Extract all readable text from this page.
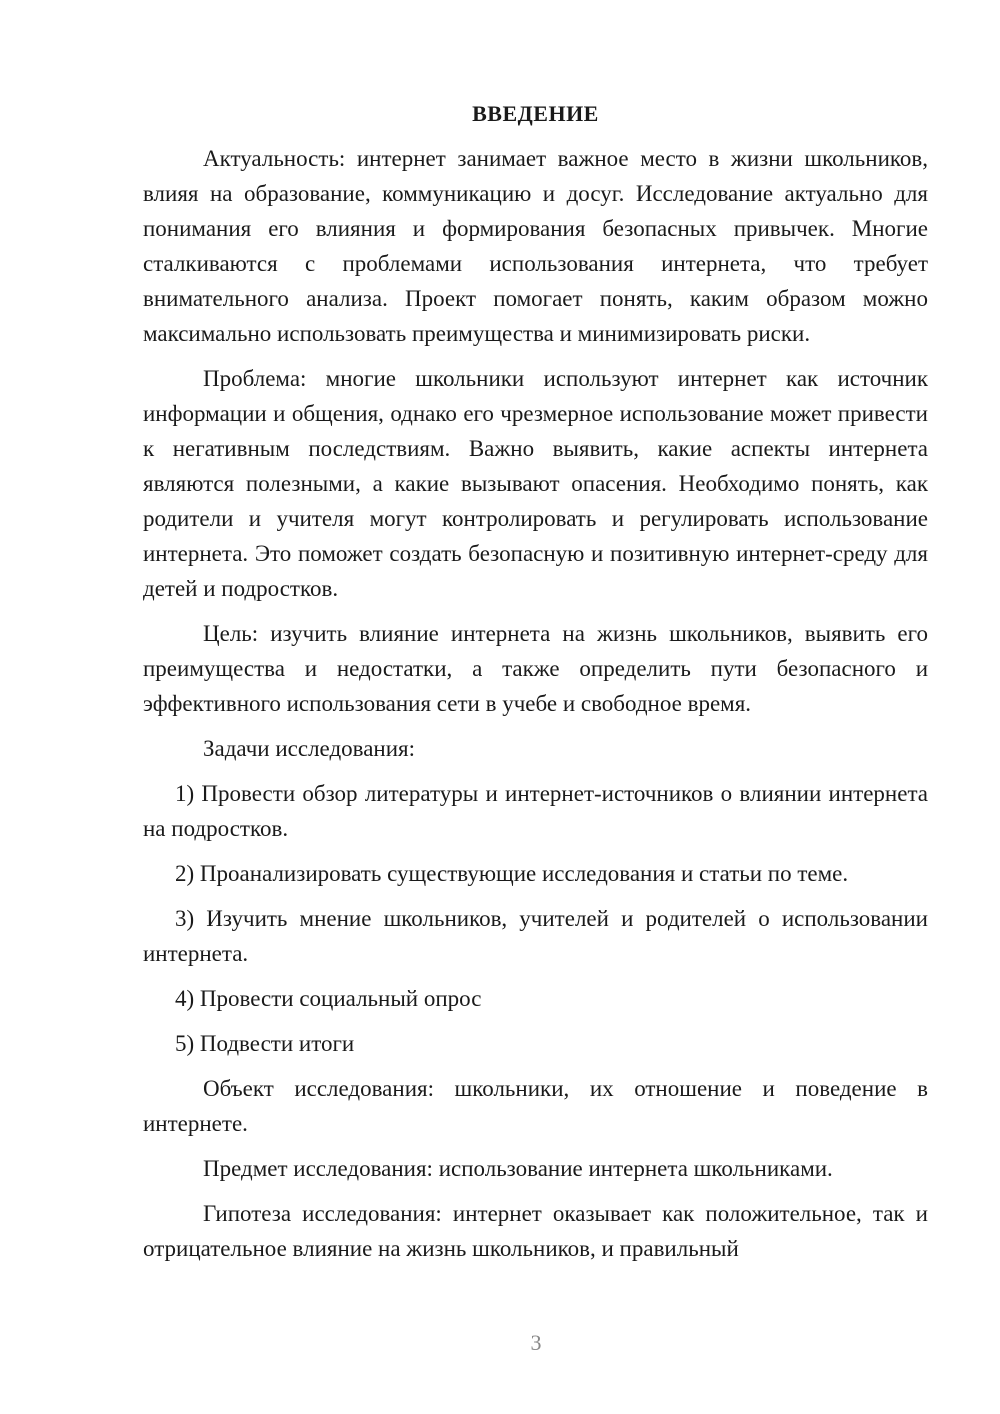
ВВЕДЕНИЕ

Актуальность: интернет занимает важное место в жизни школьников, влияя на образование, коммуникацию и досуг. Исследование актуально для понимания его влияния и формирования безопасных привычек. Многие сталкиваются с проблемами использования интернета, что требует внимательного анализа. Проект помогает понять, каким образом можно максимально использовать преимущества и минимизировать риски.

Проблема: многие школьники используют интернет как источник информации и общения, однако его чрезмерное использование может привести к негативным последствиям. Важно выявить, какие аспекты интернета являются полезными, а какие вызывают опасения. Необходимо понять, как родители и учителя могут контролировать и регулировать использование интернета. Это поможет создать безопасную и позитивную интернет-среду для детей и подростков.

Цель: изучить влияние интернета на жизнь школьников, выявить его преимущества и недостатки, а также определить пути безопасного и эффективного использования сети в учебе и свободное время.

Задачи исследования:

1) Провести обзор литературы и интернет-источников о влиянии интернета на подростков.

2) Проанализировать существующие исследования и статьи по теме.

3) Изучить мнение школьников, учителей и родителей о использовании интернета.

4) Провести социальный опрос

5) Подвести итоги

Объект исследования: школьники, их отношение и поведение в интернете.

Предмет исследования: использование интернета школьниками.

Гипотеза исследования: интернет оказывает как положительное, так и отрицательное влияние на жизнь школьников, и правильный

3
